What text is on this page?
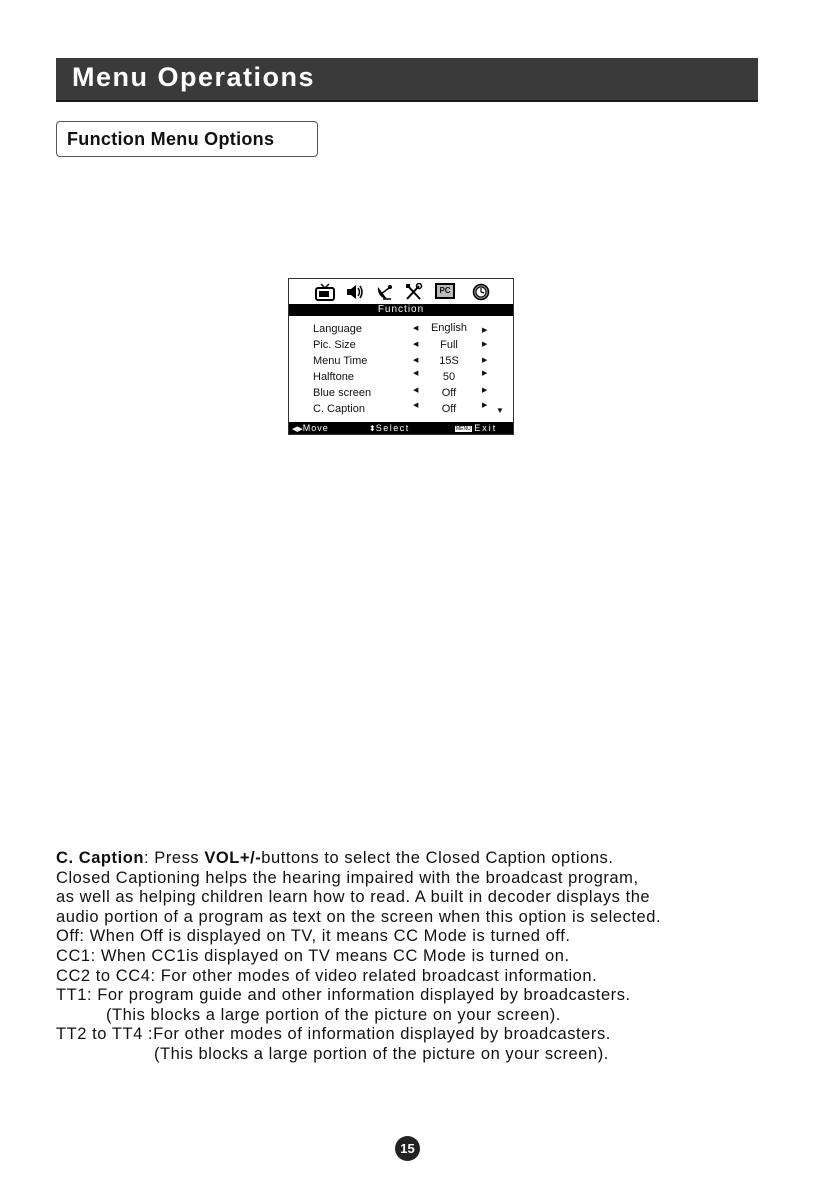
Menu Operations
Function Menu Options
PC
Function
Language	◀ English ▶
Pic. Size	◀	Full	▶
Menu Time	◀	15S	▶
Halftone	◀	50	▶
Blue screen	◀	Off	▶
C. Caption	◀	Off	▶
▼
◀▶Move	⬍Select	MENU Exit

C. Caption: Press VOL+/-buttons to select the Closed Caption options.

Closed Captioning helps the hearing impaired with the broadcast program,

as well as helping children learn how to read. A built in decoder displays the

audio portion of a program as text on the screen when this option is selected.

Off: When Off is displayed on TV, it means CC Mode is turned off.

CC1: When CC1is displayed on TV means CC Mode is turned on.

CC2 to CC4: For other modes of video related broadcast information.

TT1: For program guide and other information displayed by broadcasters.

(This blocks a large portion of the picture on your screen).

TT2 to TT4 :For other modes of information displayed by broadcasters.

(This blocks a large portion of the picture on your screen).

15
